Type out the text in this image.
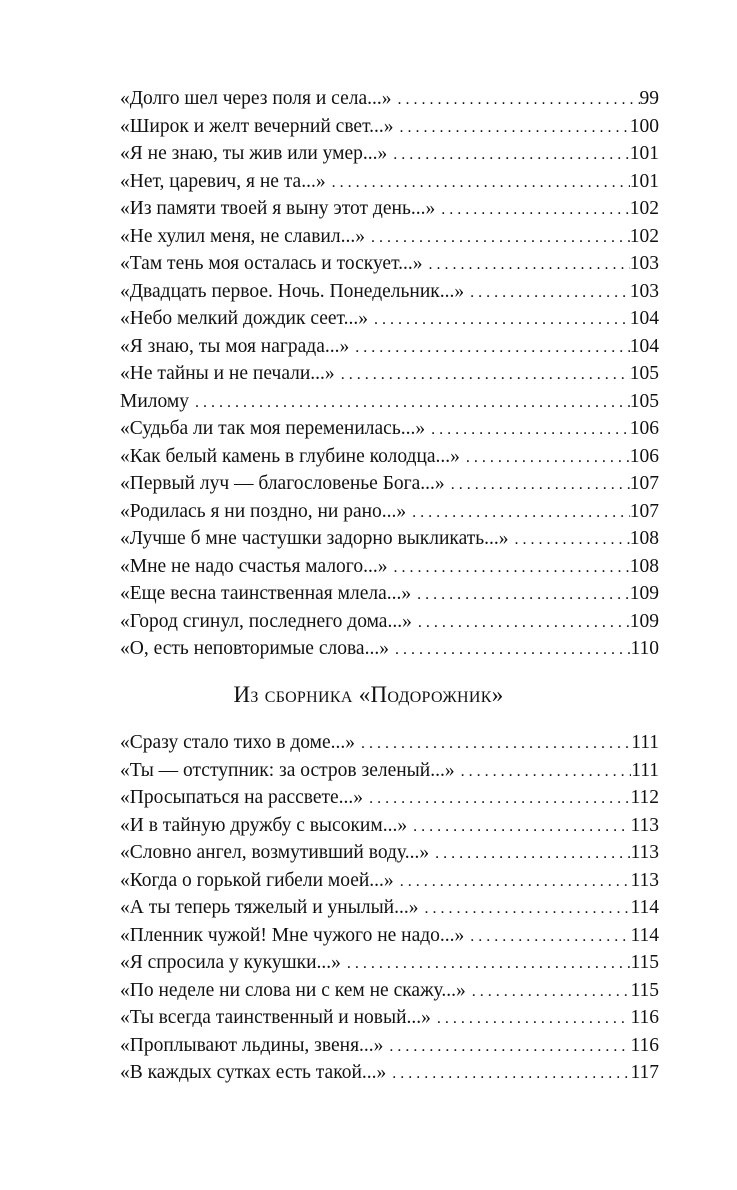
«Долго шел через поля и села...» . . .	99
«Широк и желт вечерний свет...» . . .	100
«Я не знаю, ты жив или умер...» . . .	101
«Нет, царевич, я не та...» . . .	101
«Из памяти твоей я выну этот день...» . . .	102
«Не хулил меня, не славил...» . . .	102
«Там тень моя осталась и тоскует...» . . .	103
«Двадцать первое. Ночь. Понедельник...» . . .	103
«Небо мелкий дождик сеет...» . . .	104
«Я знаю, ты моя награда...» . . .	104
«Не тайны и не печали...» . . .	105
Милому . . .	105
«Судьба ли так моя переменилась...» . . .	106
«Как белый камень в глубине колодца...» . . .	106
«Первый луч — благословенье Бога...» . . .	107
«Родилась я ни поздно, ни рано...» . . .	107
«Лучше б мне частушки задорно выкликать...» . . .	108
«Мне не надо счастья малого...» . . .	108
«Еще весна таинственная млела...» . . .	109
«Город сгинул, последнего дома...» . . .	109
«О, есть неповторимые слова...» . . .	110
Из сборника «Подорожник»
«Сразу стало тихо в доме...» . . .	111
«Ты — отступник: за остров зеленый...» . . .	111
«Просыпаться на рассвете...» . . .	112
«И в тайную дружбу с высоким...» . . .	113
«Словно ангел, возмутивший воду...» . . .	113
«Когда о горькой гибели моей...» . . .	113
«А ты теперь тяжелый и унылый...» . . .	114
«Пленник чужой! Мне чужого не надо...» . . .	114
«Я спросила у кукушки...» . . .	115
«По неделе ни слова ни с кем не скажу...» . . .	115
«Ты всегда таинственный и новый...» . . .	116
«Проплывают льдины, звеня...» . . .	116
«В каждых сутках есть такой...» . . .	117
